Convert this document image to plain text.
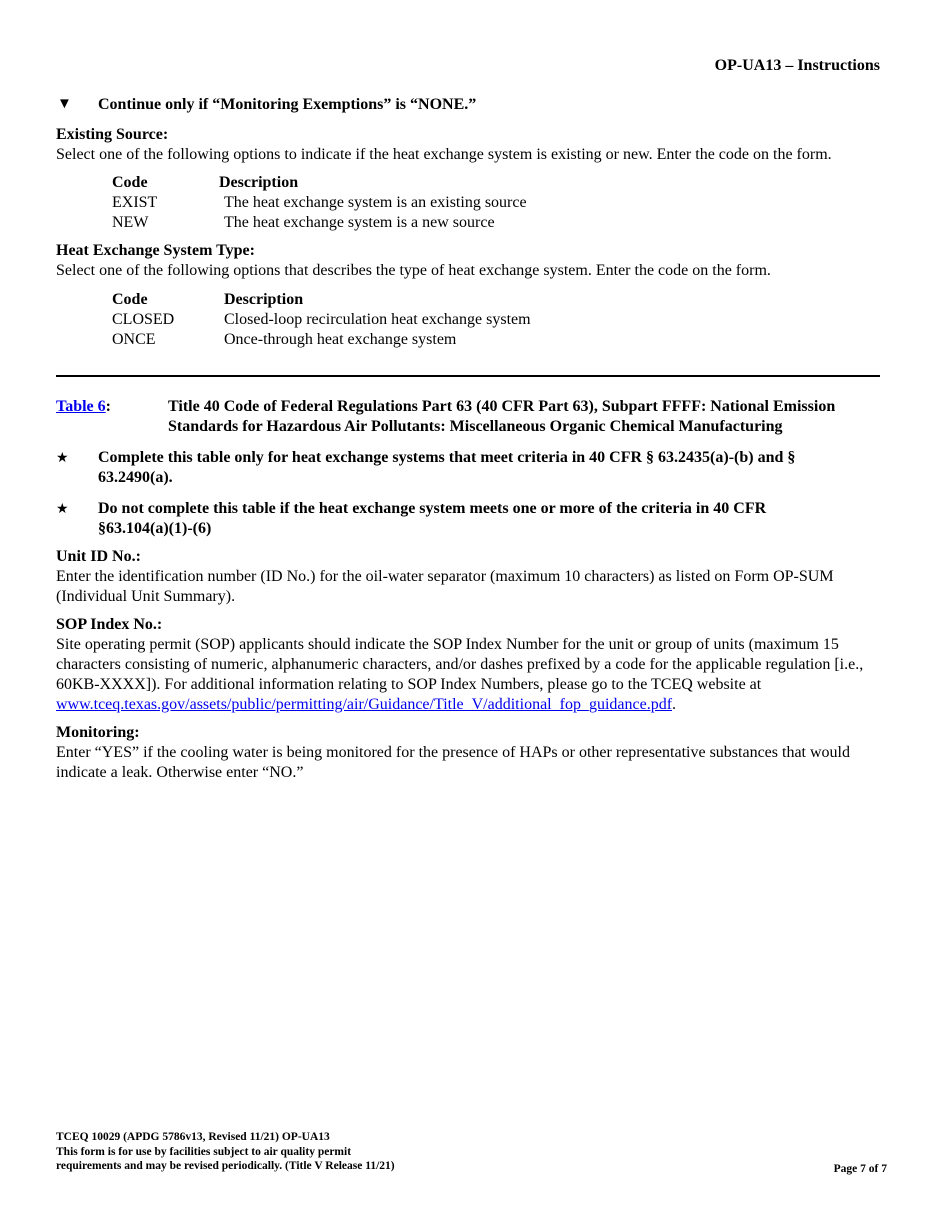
OP-UA13 – Instructions
▼ Continue only if “Monitoring Exemptions” is “NONE.”
Existing Source:
Select one of the following options to indicate if the heat exchange system is existing or new. Enter the code on the form.
Code	Description
EXIST	The heat exchange system is an existing source
NEW	The heat exchange system is a new source
Heat Exchange System Type:
Select one of the following options that describes the type of heat exchange system. Enter the code on the form.
Code	Description
CLOSED	Closed-loop recirculation heat exchange system
ONCE	Once-through heat exchange system
Table 6:	Title 40 Code of Federal Regulations Part 63 (40 CFR Part 63), Subpart FFFF: National Emission Standards for Hazardous Air Pollutants: Miscellaneous Organic Chemical Manufacturing
★ Complete this table only for heat exchange systems that meet criteria in 40 CFR § 63.2435(a)-(b) and § 63.2490(a).
★ Do not complete this table if the heat exchange system meets one or more of the criteria in 40 CFR §63.104(a)(1)-(6)
Unit ID No.:
Enter the identification number (ID No.) for the oil-water separator (maximum 10 characters) as listed on Form OP-SUM (Individual Unit Summary).
SOP Index No.:
Site operating permit (SOP) applicants should indicate the SOP Index Number for the unit or group of units (maximum 15 characters consisting of numeric, alphanumeric characters, and/or dashes prefixed by a code for the applicable regulation [i.e., 60KB-XXXX]). For additional information relating to SOP Index Numbers, please go to the TCEQ website at www.tceq.texas.gov/assets/public/permitting/air/Guidance/Title_V/additional_fop_guidance.pdf.
Monitoring:
Enter “YES” if the cooling water is being monitored for the presence of HAPs or other representative substances that would indicate a leak. Otherwise enter “NO.”
TCEQ 10029 (APDG 5786v13, Revised 11/21) OP-UA13
This form is for use by facilities subject to air quality permit
requirements and may be revised periodically. (Title V Release 11/21)	Page 7 of 7
